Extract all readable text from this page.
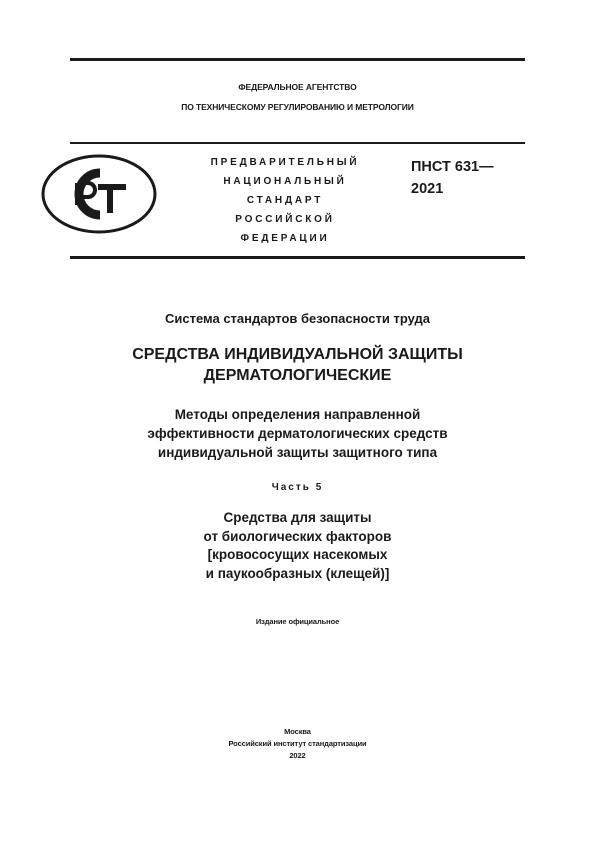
ФЕДЕРАЛЬНОЕ АГЕНТСТВО
ПО ТЕХНИЧЕСКОМУ РЕГУЛИРОВАНИЮ И МЕТРОЛОГИИ
ПРЕДВАРИТЕЛЬНЫЙ
НАЦИОНАЛЬНЫЙ
СТАНДАРТ
РОССИЙСКОЙ
ФЕДЕРАЦИИ
ПНСТ 631—
2021
Система стандартов безопасности труда
СРЕДСТВА ИНДИВИДУАЛЬНОЙ ЗАЩИТЫ
ДЕРМАТОЛОГИЧЕСКИЕ
Методы определения направленной
эффективности дерматологических средств
индивидуальной защиты защитного типа
Часть 5
Средства для защиты
от биологических факторов
[кровососущих насекомых
и паукообразных (клещей)]
Издание официальное
Москва
Российский институт стандартизации
2022
